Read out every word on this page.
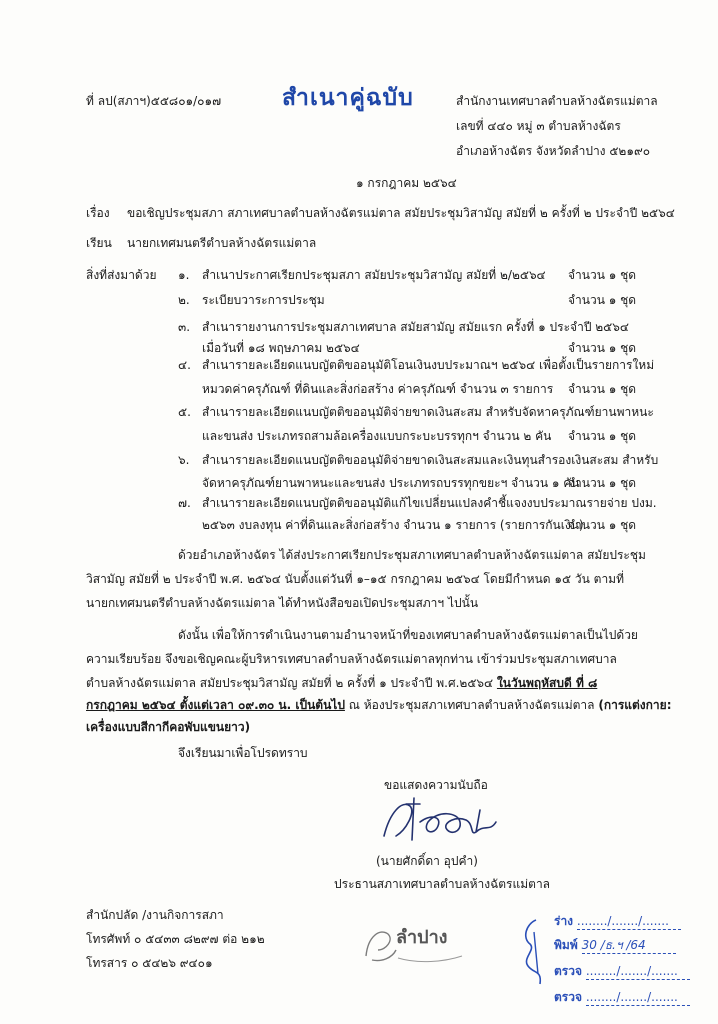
ที่ ลป(สภาฯ)๕๕๘๐๑/๐๑๗	สำเนาคู่ฉบับ	สำนักงานเทศบาลตำบลห้างฉัตรแม่ตาล
เลขที่ ๔๔๐ หมู่ ๓ ตำบลห้างฉัตร
อำเภอห้างฉัตร จังหวัดลำปาง ๕๒๑๙๐
๑ กรกฎาคม ๒๕๖๔
เรื่อง ขอเชิญประชุมสภา สภาเทศบาลตำบลห้างฉัตรแม่ตาล สมัยประชุมวิสามัญ สมัยที่ ๒ ครั้งที่ ๒ ประจำปี ๒๕๖๔
เรียน นายกเทศมนตรีตำบลห้างฉัตรแม่ตาล
สิ่งที่ส่งมาด้วย ๑. สำเนาประกาศเรียกประชุมสภา สมัยประชุมวิสามัญ สมัยที่ ๒/๒๕๖๔ จำนวน ๑ ชุด
๒. ระเบียบวาระการประชุม	จำนวน ๑ ชุด
๓. สำเนารายงานการประชุมสภาเทศบาล สมัยสามัญ สมัยแรก ครั้งที่ ๑ ประจำปี ๒๕๖๔
เมื่อวันที่ ๑๘ พฤษภาคม ๒๕๖๔	จำนวน ๑ ชุด
๔. สำเนารายละเอียดแนบญัตติขออนุมัติโอนเงินงบประมาณฯ ๒๕๖๔ เพื่อตั้งเป็นรายการใหม่
หมวดค่าครุภัณฑ์ ที่ดินและสิ่งก่อสร้าง ค่าครุภัณฑ์ จำนวน ๓ รายการ จำนวน ๑ ชุด
๕. สำเนารายละเอียดแนบญัตติขออนุมัติจ่ายขาดเงินสะสม สำหรับจัดหาครุภัณฑ์ยานพาหนะ
และขนส่ง ประเภทรถสามล้อเครื่องแบบกระบะบรรทุกฯ จำนวน ๒ คัน จำนวน ๑ ชุด
๖. สำเนารายละเอียดแนบญัตติขออนุมัติจ่ายขาดเงินสะสมและเงินทุนสำรองเงินสะสม สำหรับ
จัดหาครุภัณฑ์ยานพาหนะและขนส่ง ประเภทรถบรรทุกขยะฯ จำนวน ๑ คัน
จำนวน ๑ ชุด
๗. สำเนารายละเอียดแนบญัตติขออนุมัติแก้ไขเปลี่ยนแปลงคำชี้แจงงบประมาณรายจ่าย ปงม.
๒๕๖๓ งบลงทุน ค่าที่ดินและสิ่งก่อสร้าง จำนวน ๑ รายการ (รายการกันเงิน)
จำนวน ๑ ชุด
ด้วยอำเภอห้างฉัตร ได้ส่งประกาศเรียกประชุมสภาเทศบาลตำบลห้างฉัตรแม่ตาล สมัยประชุม
วิสามัญ สมัยที่ ๒ ประจำปี พ.ศ. ๒๕๖๔ นับตั้งแต่วันที่ ๑–๑๕ กรกฎาคม ๒๕๖๔ โดยมีกำหนด ๑๕ วัน ตามที่
นายกเทศมนตรีตำบลห้างฉัตรแม่ตาล ได้ทำหนังสือขอเปิดประชุมสภาฯ ไปนั้น
ดังนั้น เพื่อให้การดำเนินงานตามอำนาจหน้าที่ของเทศบาลตำบลห้างฉัตรแม่ตาลเป็นไปด้วย
ความเรียบร้อย จึงขอเชิญคณะผู้บริหารเทศบาลตำบลห้างฉัตรแม่ตาลทุกท่าน เข้าร่วมประชุมสภาเทศบาล
ตำบลห้างฉัตรแม่ตาล สมัยประชุมวิสามัญ สมัยที่ ๒ ครั้งที่ ๑ ประจำปี พ.ศ.๒๕๖๔ ในวันพฤหัสบดี ที่ ๘
กรกฎาคม ๒๕๖๔ ตั้งแต่เวลา ๐๙.๓๐ น. เป็นต้นไป ณ ห้องประชุมสภาเทศบาลตำบลห้างฉัตรแม่ตาล (การแต่งกาย:
เครื่องแบบสีกากีคอพับแขนยาว)
จึงเรียนมาเพื่อโปรดทราบ
ขอแสดงความนับถือ
(นายศักดิ์ดา อุปคำ)
ประธานสภาเทศบาลตำบลห้างฉัตรแม่ตาล
สำนักปลัด /งานกิจการสภา
โทรศัพท์ ๐ ๕๔๓๓ ๘๒๙๗ ต่อ ๒๑๒
โทรสาร ๐ ๕๔๒๖ ๙๔๐๑
ลำปาง
ร่าง ......../......./.......
พิมพ์ 30 /ธ.ฯ /64
ตรวจ ......../......./.......
ตรวจ ......../......./.......
